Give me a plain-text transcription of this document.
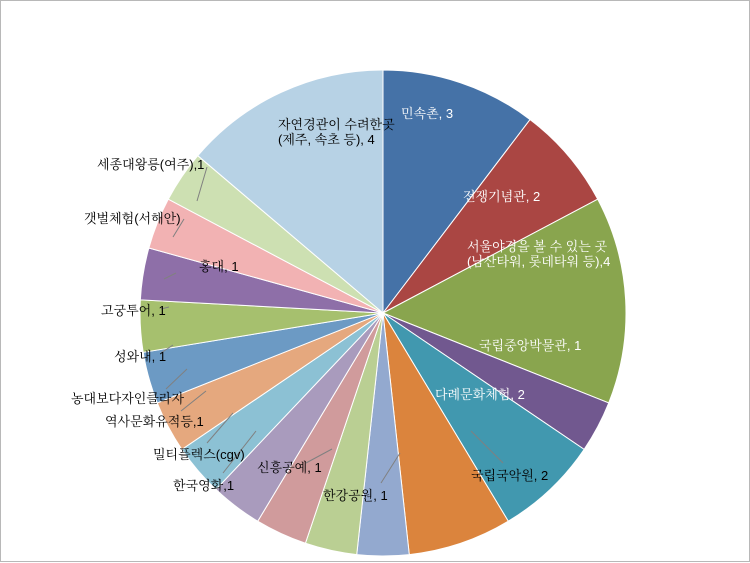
민속촌, 3
전쟁기념관, 2
서울야경을 볼 수 있는 곳(남산타워, 롯데타워 등),4
국립중앙박물관, 1
다례문화체험, 2
국립국악원, 2
한강공원, 1
신흥공예, 1
한국영화,1
밀티플렉스(cgv)
역사문화유적등,1
농대보다자인클라자
성와내, 1
고궁투어, 1
홍대, 1
갯벌체험(서해안)
세종대왕릉(여주),1
자연경관이 수려한곳(제주, 속초 등), 4
